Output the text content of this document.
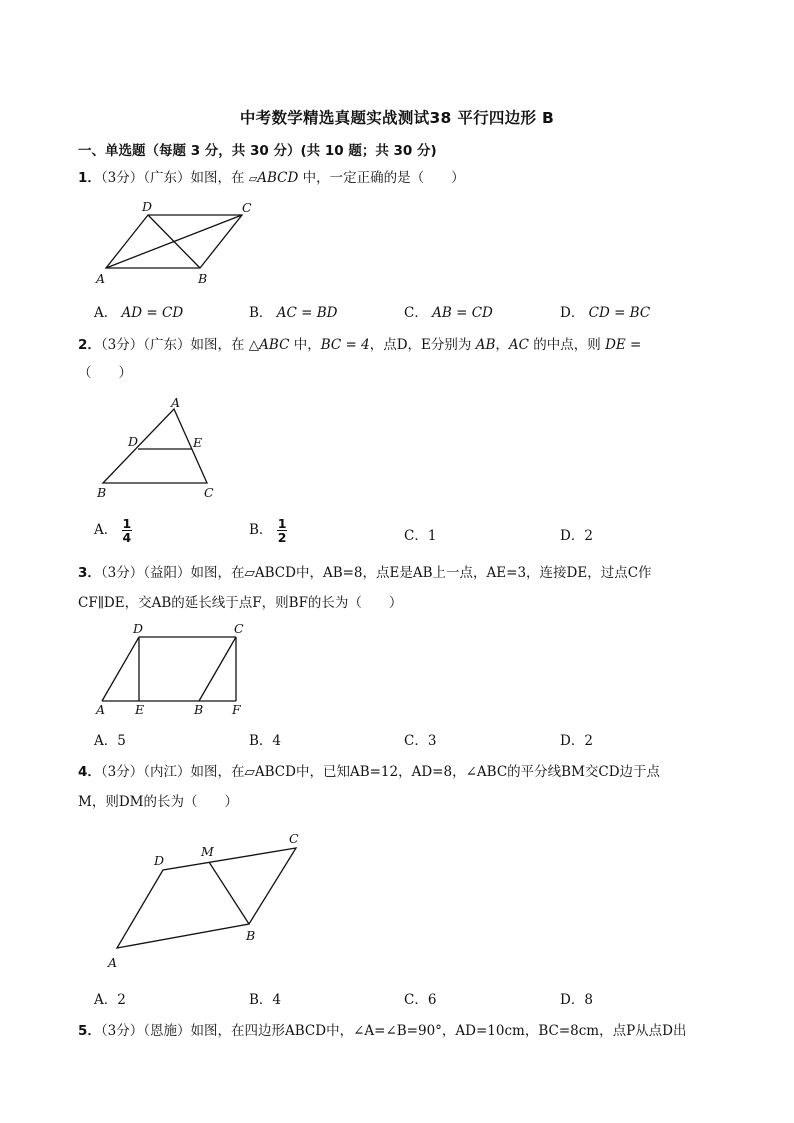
中考数学精选真题实战测试38 平行四边形 B
一、单选题（每题 3 分，共 30 分）(共 10 题；共 30 分)
1．（3分）（广东）如图，在 ▱ABCD 中，一定正确的是（　　）
D	C
A	B
A． AD = CD	B． AC = BD	C． AB = CD	D． CD = BC
2．（3分）（广东）如图，在 △ABC 中，BC = 4，点D，E分别为 AB，AC 的中点，则 DE =
（　　）
A
D	E
B	C
A． $\frac{1}{4}$	B． $\frac{1}{2}$	C．1	D．2
3．（3分）（益阳）如图，在▱ABCD中，AB=8，点E是AB上一点，AE=3，连接DE，过点C作
CF∥DE，交AB的延长线于点F，则BF的长为（　　）
D	C
A E	B F
A．5	B．4	C．3	D．2
4．（3分）（内江）如图，在▱ABCD中，已知AB=12，AD=8，∠ABC的平分线BM交CD边于点
M，则DM的长为（　　）
C
M
D
B
A
A．2	B．4	C．6	D．8
5．（3分）（恩施）如图，在四边形ABCD中，∠A=∠B=90°，AD=10cm，BC=8cm，点P从点D出
